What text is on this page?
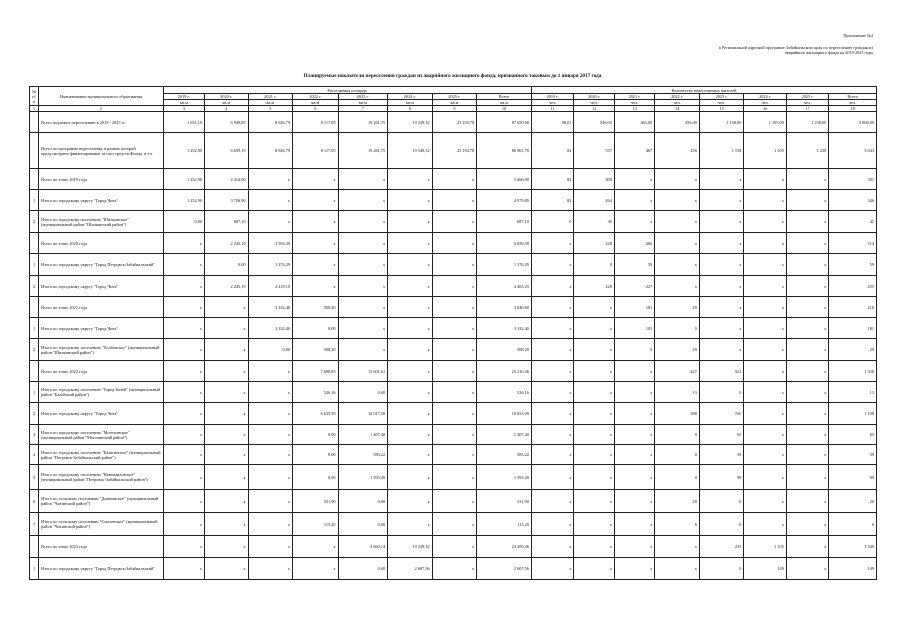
Приложение №4
к Региональной адресной программе Забайкальского края по переселению граждан из
аварийного жилищного фонда на 2019-2025 годы
Планируемые показатели переселения граждан из аварийного жилищного фонда, признанного таковым до 1 января 2017 года
№ п/п	Наименование муниципального образования	Расселяемая площадь								Количество переселяемых жителей							
		2019 г.	2020 г.	2021 г.	2022 г.	2023 г.	2024 г.	2025 г.	Всего	2019 г.	2020 г.	2021 г.	2022 г.	2023 г.	2024 г.	2025 г.	Всего
		кв.м	кв.м	кв.м	кв.м	кв.м	кв.м	кв.м	кв.м	чел.	чел.	чел.	чел.	чел.	чел.	чел.	чел.
1	2	3	4	5	6	7	8	9	10	11	12	13	14	15	16	17	18
	Всего подлежит переселению в 2019 - 2025 гг.	1 651,10	6 949,85	8 926,79	8 117,05	19 261,75	19 549,32	23 194,78	87 650,68	98,01	546,03	463,00	456,00	1 158,00	1 105,00	1 238,00	5 068,00
	Всего по программе переселения, в рамках которой предусмотрено финансирование за счет средств Фонда, в т.ч.	1 252,90	6 659,19	8 926,79	8 117,05	19 261,75	19 549,32	23 194,78	86 961,78	82	537	467	456	1 158	1 105	1 238	5 043
	Всего по этапу 2019 года	1 252,90	4 414,00	х	х	х	х	х	5 666,90	82	309	х	х	х	х	х	391
1	Итого по городскому округу "Город Чита"	1 252,90	3 726,90	х	х	х	х	х	4 979,80	82	264	х	х	х	х	х	346
2	Итого по городскому поселению "Шилкинское" (муниципальный район "Шилкинский район")	0,00	687,10	х	х	х	х	х	687,10	0	45	х	х	х	х	х	45
	Всего по этапу 2020 года	х	2 245,19	3 594,39	х	х	х	х	5 839,58	х	228	286	х	х	х	х	514
1	Итого по городскому округу "Город Петровск-Забайкальский"	х	0,00	1 376,29	х	х	х	х	1 376,29	х	0	59	х	х	х	х	59
2	Итого по городскому округу "Город Чита"	х	2 245,19	2 218,10	х	х	х	х	4 463,29	х	228	227	х	х	х	х	455
	Всего по этапу 2021 года	х	х	3 332,40	508,20	х	х	х	3 840,60	х	х	181	29	х	х	х	210
1	Итого по городскому округу "Город Чита"	х	х	3 332,40	0,00	х	х	х	3 332,40	х	х	181	0	х	х	х	181
2	Итого по городскому поселению "Холбонское" (муниципальный район "Шилкинский район")	х	х	0,00	508,20	х	х	х	508,20	х	х	0	29	х	х	х	29
	Всего по этапу 2022 года	х	х	х	7 608,85	15 601,61	х	х	23 210,46	х	х	х	427	923	х	х	1 350
1	Итого по городскому поселению "Город Балей" (муниципальный район "Балейский район")	х	х	х	526,16	0,00	х	х	526,16	х	х	х	13	0	х	х	13
2	Итого по городскому округу "Город Чита"	х	х	х	6 635,59	12 017,50	х	х	18 653,09	х	х	х	388	720	х	х	1 108
3	Итого по городскому поселению "Могочинское" (муниципальный район "Могочинский район")	х	х	х	0,00	1 407,40	х	х	1 407,40	х	х	х	0	65	х	х	65
4	Итого по городскому поселению "Балягинское" (муниципальный район "Петровск-Забайкальский район")	х	х	х	0,00	583,22	х	х	583,22	х	х	х	0	39	х	х	39
5	Итого по городскому поселению "Новопавловское" (муниципальный район "Петровск-Забайкальский район")	х	х	х	0,00	1 593,49	х	х	1 593,49	х	х	х	0	99	х	х	99
6	Итого по сельскому поселению "Домнинское" (муниципальный район "Читинский район")	х	х	х	331,90	0,00	х	х	331,90	х	х	х	20	0	х	х	20
7	Итого по сельскому поселению "Смоленское" (муниципальный район "Читинский район")	х	х	х	115,20	0,00	х	х	115,20	х	х	х	6	0	х	х	6
	Всего по этапу 2023 года	х	х	х	х	3 660,14	19 549,32	х	23 209,46	х	х	х	х	235	1 105	х	1 340
1	Итого по городскому округу "Город Петровск-Забайкальский"	х	х	х	х	0,00	2 607,56	х	2 607,56	х	х	х	х	0	149	х	149
